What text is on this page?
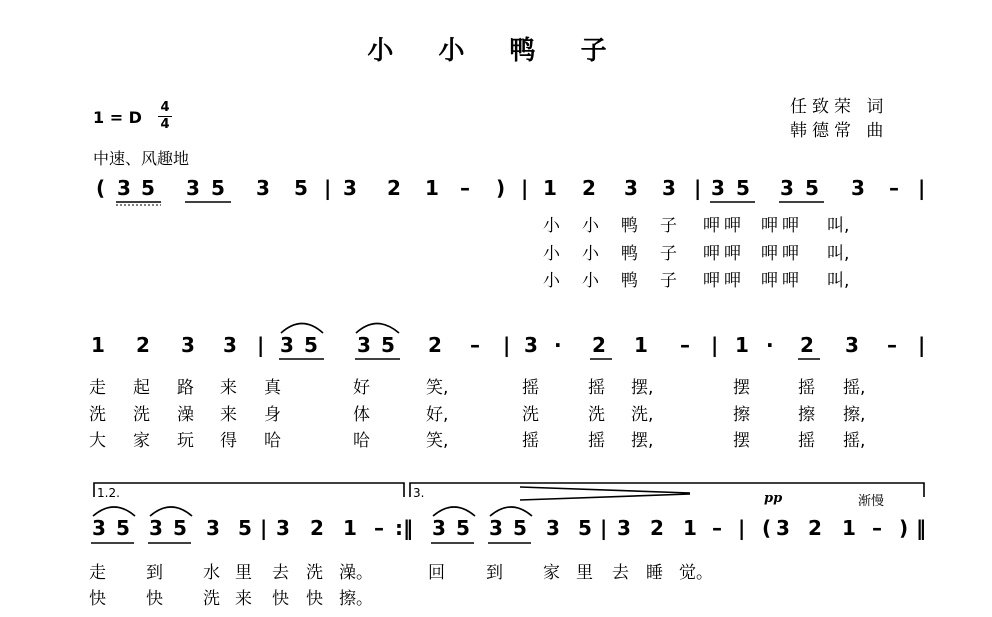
小 小 鸭 子
任致荣 词
韩德常 曲
1 = D
4
4
中速、风趣地
( 3 5 3 5 3 5 | 3 2 1 – ) | 1 2 3 3 | 3 5 3 5 3 – |
小 小 鸭 子 呷 呷 呷 呷 叫,
小 小 鸭 子 呷 呷 呷 呷 叫,
小 小 鸭 子 呷 呷 呷 呷 叫,
1 2 3 3 | 3 5 3 5 2 – | 3 · 2 1 – | 1 · 2 3 – |
走 起 路 来 真	好	笑,	摇	摇 摆,	摆	摇 摇,
洗 洗 澡 来 身	体	好,	洗	洗 洗,	擦	擦 擦,
大 家 玩 得 哈	哈	笑,	摇	摇 摆,	摆	摇 摇,
1.2.	3.	pp	渐慢
3 5 3 5 3 5 | 3 2 1 – :‖ 3 5 3 5 3 5 | 3 2 1 – | ( 3 2 1 – ) ‖
走 到 水 里 去 洗 澡。	回 到 家 里 去 睡 觉。
快 快 洗 来 快 快 擦。
